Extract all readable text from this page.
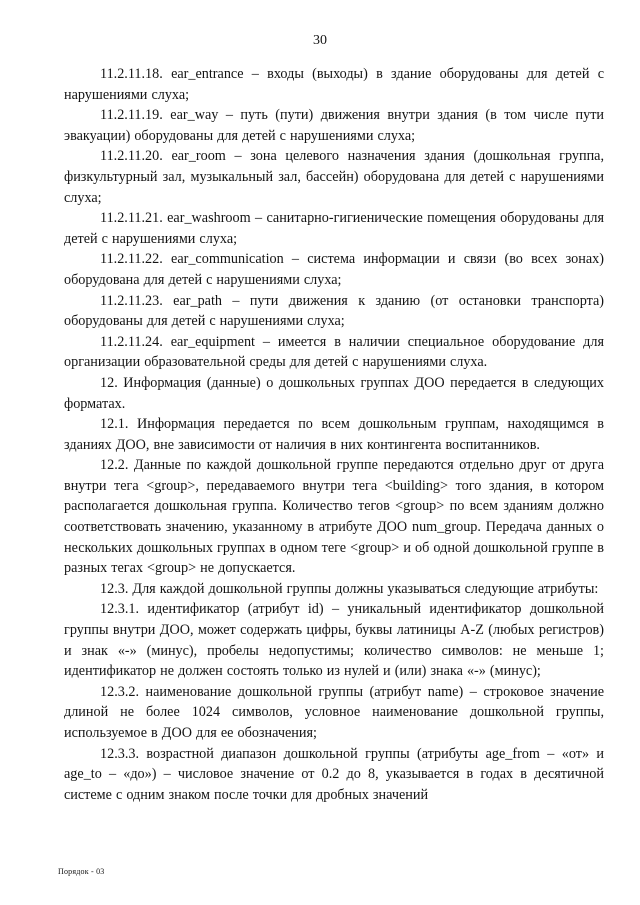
30

11.2.11.18. ear_entrance – входы (выходы) в здание оборудованы для детей с нарушениями слуха;

11.2.11.19. ear_way – путь (пути) движения внутри здания (в том числе пути эвакуации) оборудованы для детей с нарушениями слуха;

11.2.11.20. ear_room – зона целевого назначения здания (дошкольная группа, физкультурный зал, музыкальный зал, бассейн) оборудована для детей с нарушениями слуха;

11.2.11.21. ear_washroom – санитарно-гигиенические помещения оборудованы для детей с нарушениями слуха;

11.2.11.22. ear_communication – система информации и связи (во всех зонах) оборудована для детей с нарушениями слуха;

11.2.11.23. ear_path – пути движения к зданию (от остановки транспорта) оборудованы для детей с нарушениями слуха;

11.2.11.24. ear_equipment – имеется в наличии специальное оборудование для организации образовательной среды для детей с нарушениями слуха.

12. Информация (данные) о дошкольных группах ДОО передается в следующих форматах.

12.1. Информация передается по всем дошкольным группам, находящимся в зданиях ДОО, вне зависимости от наличия в них контингента воспитанников.

12.2. Данные по каждой дошкольной группе передаются отдельно друг от друга внутри тега <group>, передаваемого внутри тега <building> того здания, в котором располагается дошкольная группа. Количество тегов <group> по всем зданиям должно соответствовать значению, указанному в атрибуте ДОО num_group. Передача данных о нескольких дошкольных группах в одном теге <group> и об одной дошкольной группе в разных тегах <group> не допускается.

12.3. Для каждой дошкольной группы должны указываться следующие атрибуты:

12.3.1. идентификатор (атрибут id) – уникальный идентификатор дошкольной группы внутри ДОО, может содержать цифры, буквы латиницы A-Z (любых регистров) и знак «-» (минус), пробелы недопустимы; количество символов: не меньше 1; идентификатор не должен состоять только из нулей и (или) знака «-» (минус);

12.3.2. наименование дошкольной группы (атрибут name) – строковое значение длиной не более 1024 символов, условное наименование дошкольной группы, используемое в ДОО для ее обозначения;

12.3.3. возрастной диапазон дошкольной группы (атрибуты age_from – «от» и age_to – «до») – числовое значение от 0.2 до 8, указывается в годах в десятичной системе с одним знаком после точки для дробных значений

Порядок - 03
